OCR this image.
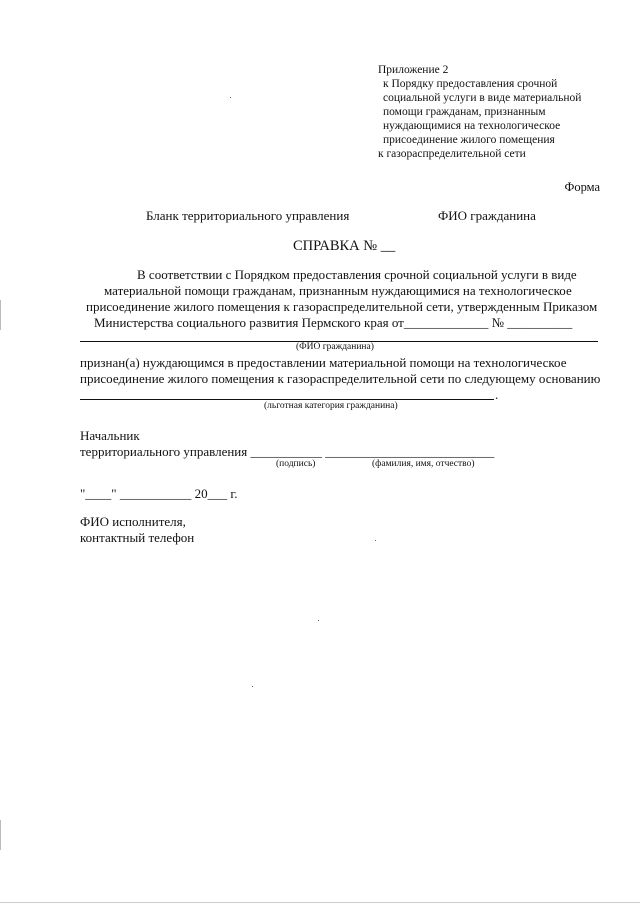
Приложение 2
к Порядку предоставления срочной
социальной услуги в виде материальной
помощи гражданам, признанным
нуждающимися на технологическое
присоединение жилого помещения
к газораспределительной сети
Форма
Бланк территориального управления	ФИО гражданина
СПРАВКА № __
В соответствии с Порядком предоставления срочной социальной услуги в виде
материальной помощи гражданам, признанным нуждающимися на технологическое
присоединение жилого помещения к газораспределительной сети, утвержденным Приказом
Министерства социального развития Пермского края от_____________ № __________
(ФИО гражданина)
признан(а) нуждающимся в предоставлении материальной помощи на технологическое
присоединение жилого помещения к газораспределительной сети по следующему основанию
.
(льготная категория гражданина)
Начальник
территориального управления ___________ __________________________
(подпись)	(фамилия, имя, отчество)
"____" ___________ 20___ г.
ФИО исполнителя,
контактный телефон
